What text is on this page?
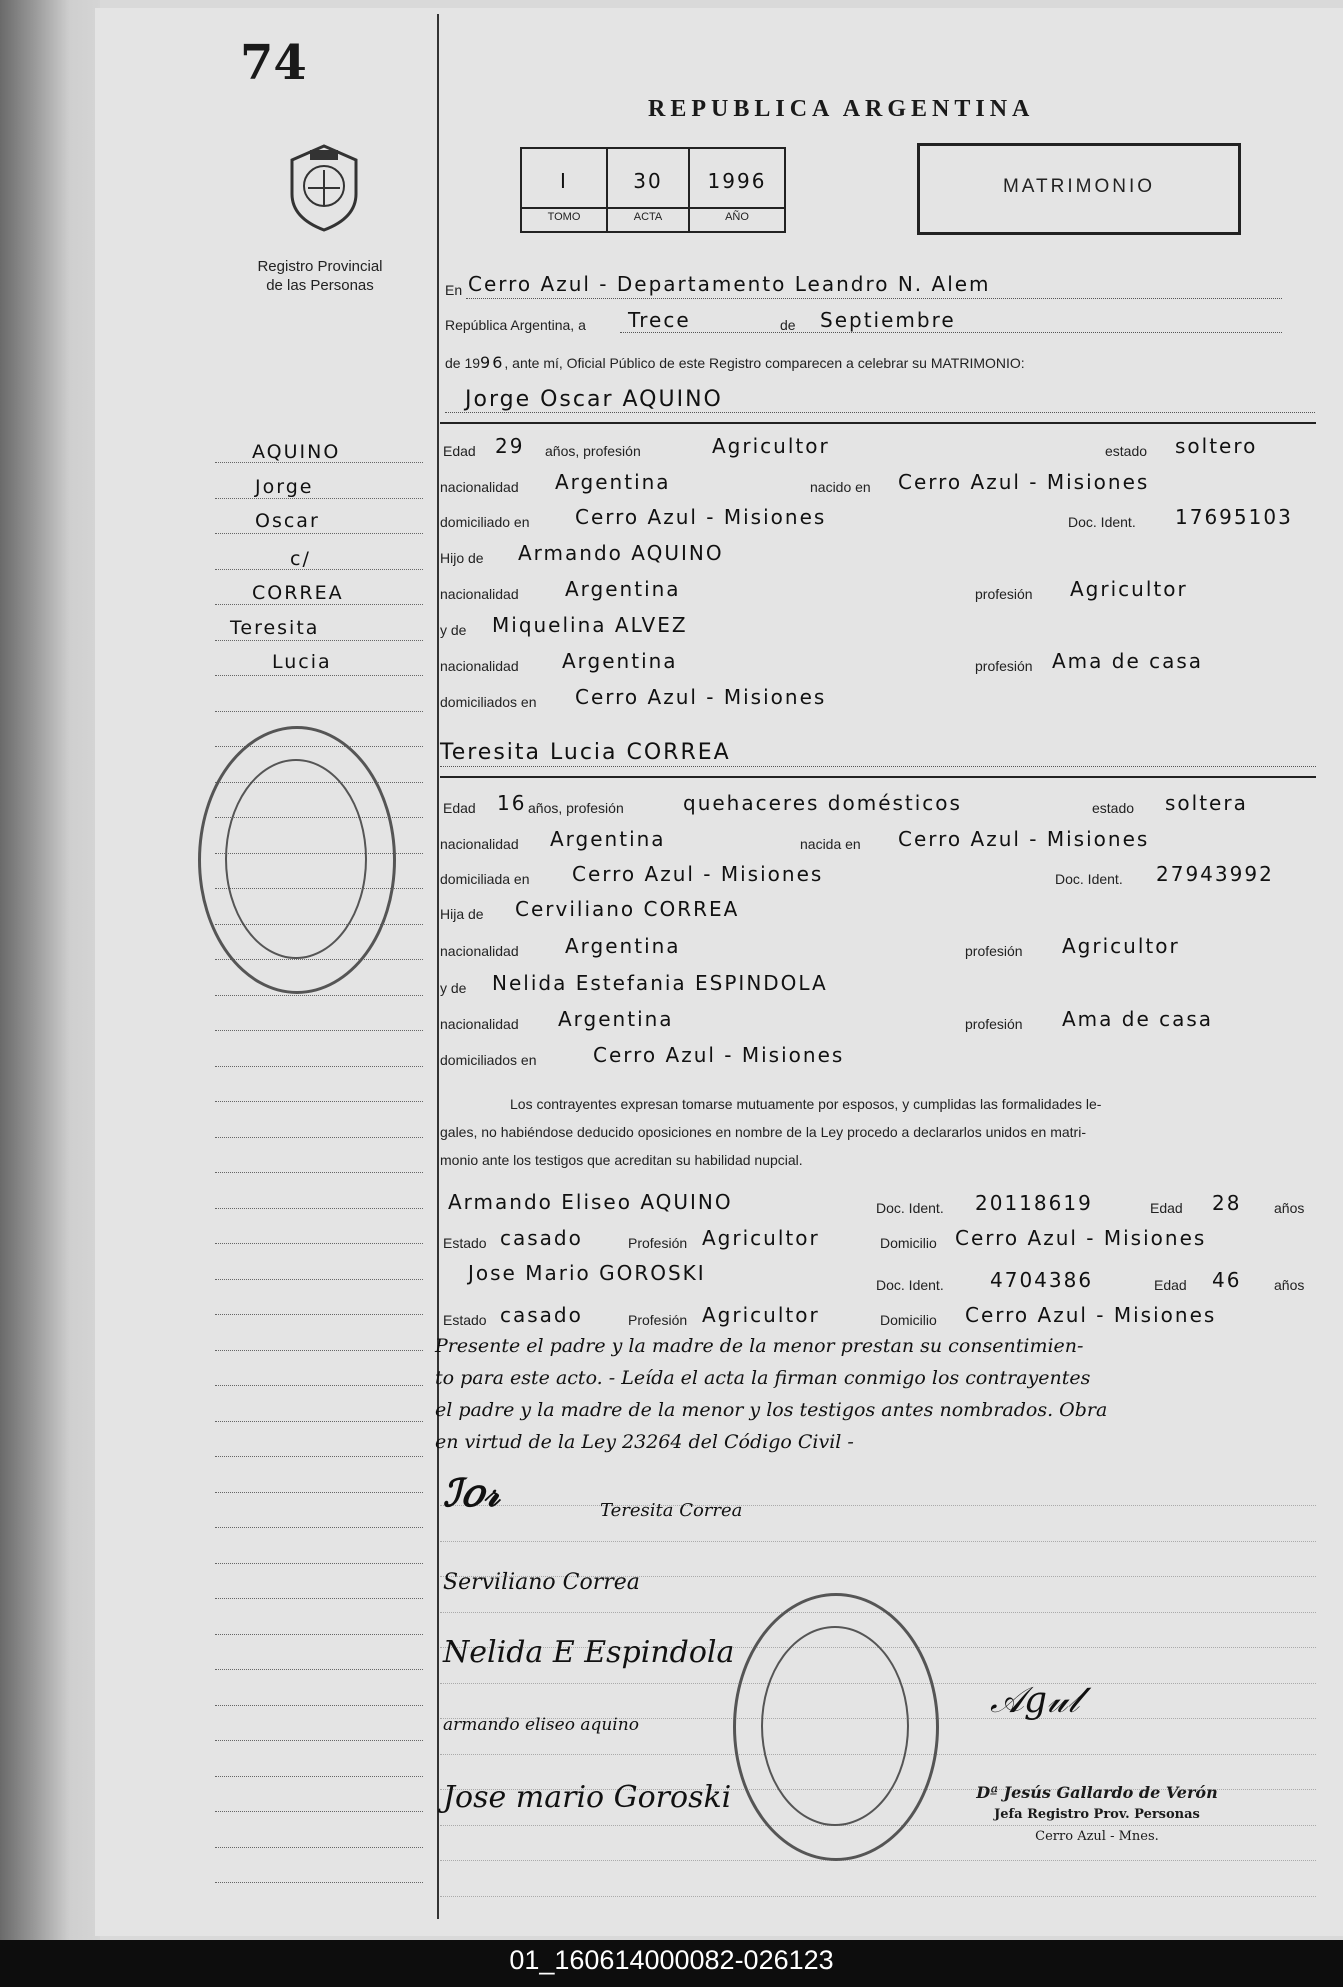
74
REPUBLICA ARGENTINA
Registro Provincial
de las Personas
I	30	1996
TOMO	ACTA	AÑO
MATRIMONIO
AQUINO
Jorge
Oscar
c/
CORREA
Teresita
Lucia
En Cerro Azul - Departamento Leandro N. Alem
República Argentina, a Trece	de Septiembre
de 1996, ante mí, Oficial Público de este Registro comparecen a celebrar su MATRIMONIO:
Jorge Oscar AQUINO
Edad 29 años, profesión	Agricultor	estado soltero
nacionalidad Argentina	nacido en Cerro Azul - Misiones
domiciliado en Cerro Azul - Misiones	Doc. Ident. 17695103
Hijo de Armando AQUINO
nacionalidad Argentina	profesión Agricultor
y de Miquelina ALVEZ
nacionalidad Argentina	profesión Ama de casa
domiciliados en Cerro Azul - Misiones
Teresita Lucia CORREA
Edad 16 años, profesión	quehaceres domésticos	estado soltera
nacionalidad Argentina	nacida en Cerro Azul - Misiones
domiciliada en Cerro Azul - Misiones	Doc. Ident. 27943992
Hija de Cerviliano CORREA
nacionalidad Argentina	profesión Agricultor
y de Nelida Estefania ESPINDOLA
nacionalidad Argentina	profesión Ama de casa
domiciliados en	Cerro Azul - Misiones
Los contrayentes expresan tomarse mutuamente por esposos, y cumplidas las formalidades le-
gales, no habiéndose deducido oposiciones en nombre de la Ley procedo a declararlos unidos en matri-
monio ante los testigos que acreditan su habilidad nupcial.
Armando Eliseo AQUINO	Doc. Ident. 20118619	Edad 28 años
Estado casado	Profesión Agricultor	Domicilio Cerro Azul - Misiones
Jose Mario GOROSKI	Doc. Ident. 4704386	Edad 46 años
Estado casado	Profesión Agricultor	Domicilio Cerro Azul - Misiones
Presente el padre y la madre de la menor prestan su consentimien-
to para este acto. - Leída el acta la firman conmigo los contrayentes
el padre y la madre de la menor y los testigos antes nombrados. Obra
en virtud de la Ley 23264 del Código Civil -
ℐ𝑜𝓇	Teresita Correa
Serviliano Correa
Nelida E Espindola
armando eliseo aquino
Jose mario Goroski
𝒜𝑔𝓊𝓁
Dª Jesús Gallardo de Verón
Jefa Registro Prov. Personas
Cerro Azul - Mnes.
01_160614000082-026123
